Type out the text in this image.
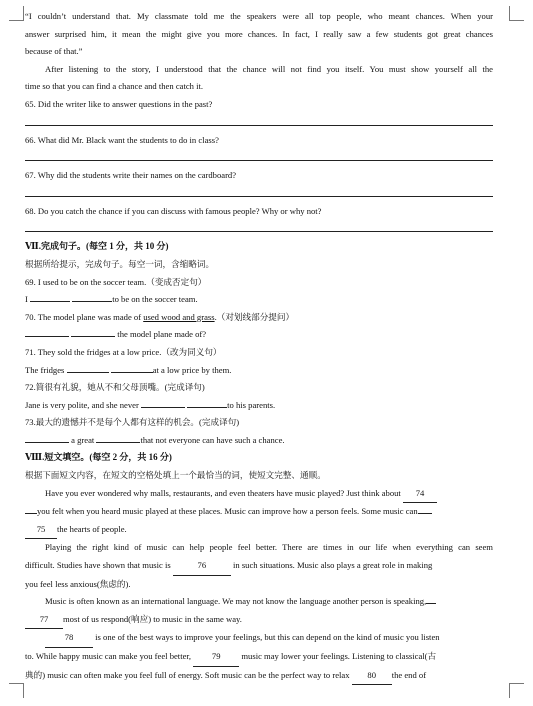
“I couldn’t understand that. My classmate told me the speakers were all top people, who meant chances. When your
answer surprised him, it mean the might give you more chances. In fact, I really saw a few students got great chances
because of that.”
After listening to the story, I understood that the chance will not find you itself. You must show yourself all the
time so that you can find a chance and then catch it.
65. Did the writer like to answer questions in the past?
66. What did Mr. Black want the students to do in class?
67. Why did the students write their names on the cardboard?
68. Do you catch the chance if you can discuss with famous people? Why or why not?
Ⅶ.完成句子。(每空 1 分，共 10 分)
根据所给提示，完成句子。每空一词，含缩略词。
69. I used to be on the soccer team.（变成否定句）
I	to be on the soccer team.
70. The model plane was made of used wood and grass.（对划线部分提问）
the model plane made of?
71. They sold the fridges at a low price.（改为同义句）
The fridges	at a low price by them.
72.简很有礼貌，她从不和父母顶嘴。(完成译句)
Jane is very polite, and she never	to his parents.
73.最大的遗憾并不是每个人都有这样的机会。(完成译句)
a great	that not everyone can have such a chance.
Ⅷ.短文填空。(每空 2 分，共 16 分)
根据下面短文内容，在短文的空格处填上一个最恰当的词，使短文完整、通顺。
Have you ever wondered why malls, restaurants, and even theaters have music played? Just think about 74
you felt when you heard music played at these places. Music can improve how a person feels. Some music can
75 the hearts of people.
Playing the right kind of music can help people feel better. There are times in our life when everything can seem
difficult. Studies have shown that music is	76	in such situations. Music also plays a great role in making
you feel less anxious(焦虑的).
Music is often known as an international language. We may not know the language another person is speaking,
77 most of us respond(响应) to music in the same way.
78	is one of the best ways to improve your feelings, but this can depend on the kind of music you listen
to. While happy music can make you feel better, 79 music may lower your feelings. Listening to classical(古
典的) music can often make you feel full of energy. Soft music can be the perfect way to relax 80 the end of
